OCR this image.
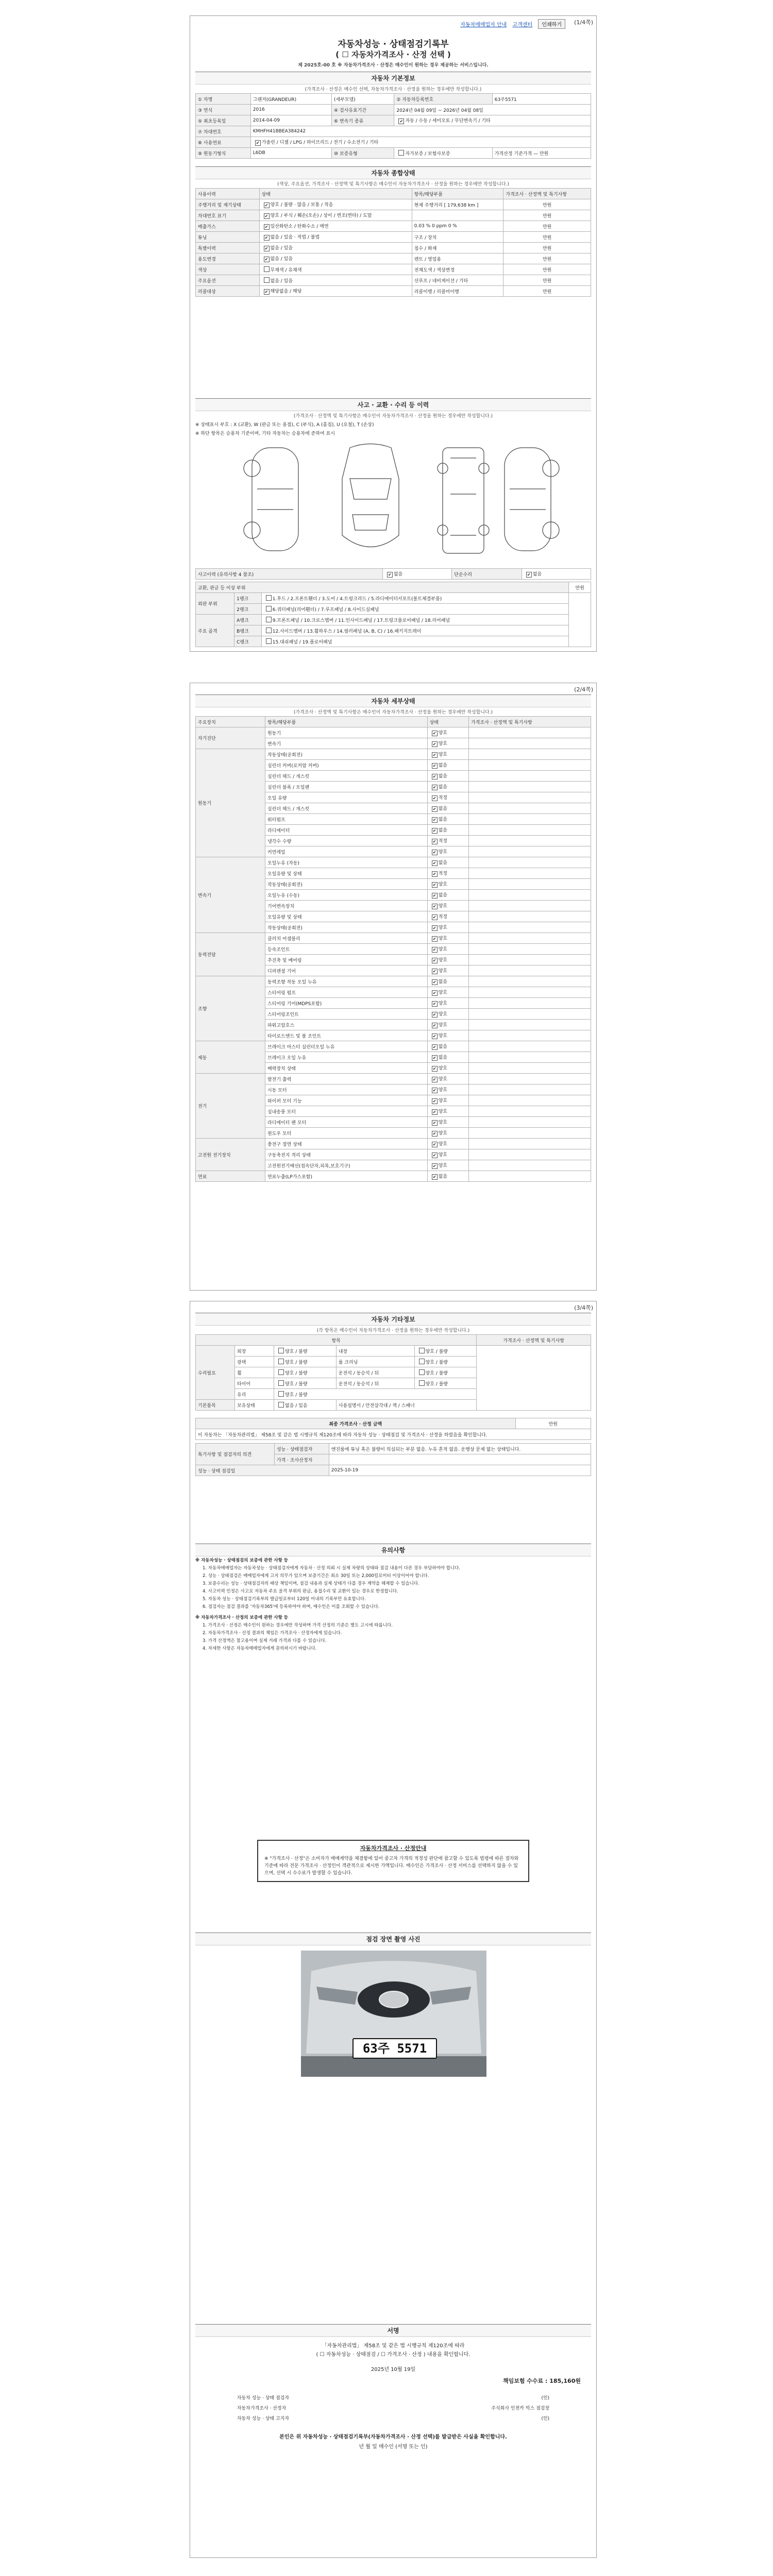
자동차매매업자 안내 고객센터 인쇄하기	(1/4쪽)
자동차성능 · 상태점검기록부
( ☐ 자동차가격조사 · 산정 선택 )
제 2025호-00 호 ※ 자동차가격조사 · 산정은 매수인이 원하는 경우 제공하는 서비스입니다.
자동차 기본정보
(가격조사 · 산정은 매수인 선택, 자동차가격조사 · 산정을 원하는 경우에만 작성합니다.)
① 차명	그랜저(GRANDEUR)	(세부모델)	② 자동차등록번호	63주5571
③ 연식	2016	④ 검사유효기간	2024년 04월 09일 ~ 2026년 04월 08일	
⑤ 최초등록일	2014-04-09	⑥ 변속기 종류	✔자동 / 수동 / 세미오토 / 무단변속기 / 기타
⑦ 차대번호	KMHFH41BBEA384242			
⑧ 사용연료	✔가솔린 / 디젤 / LPG / 하이브리드 / 전기 / 수소전기 / 기타
⑨ 원동기형식	L6DB	⑩ 보증유형	자가보증 / 보험사보증	가격산정 기준가격 — 만원
자동차 종합상태
(색상, 주요옵션, 가격조사 · 산정액 및 특기사항은 매수인이 자동차가격조사 · 산정을 원하는 경우에만 작성합니다.)
사용이력	상태	항목/해당부품	가격조사 · 산정액 및 특기사항
주행거리 및 계기상태	✔양호 / 불량 · 많음 / 보통 / 적음	현재 주행거리 [ 179,638 km ]	만원
차대번호 표기	✔양호 / 부식 / 훼손(오손) / 상이 / 변조(변타) / 도말		만원
배출가스	✔일산화탄소 / 탄화수소 / 매연	0.03 % 0 ppm 0 %	만원
튜닝	✔없음 / 있음 · 적법 / 불법	구조 / 장치	만원
특별이력	✔없음 / 있음	침수 / 화재	만원
용도변경	✔없음 / 있음	렌트 / 영업용	만원
색상	무채색 / 유채색	전체도색 / 색상변경	만원
주요옵션	없음 / 있음	선루프 / 네비게이션 / 기타	만원
리콜대상	✔해당없음 / 해당	리콜이행 / 리콜미이행	만원
사고 · 교환 · 수리 등 이력
(가격조사 · 산정액 및 특기사항은 매수인이 자동차가격조사 · 산정을 원하는 경우에만 작성합니다.)
※ 상태표시 부호 : X (교환), W (판금 또는 용접), C (부식), A (흠집), U (요철), T (손상)
※ 하단 항목은 승용차 기준이며, 기타 자동차는 승용차에 준하여 표시
사고이력 (유의사항 4 참조)	✔없음	단순수리	✔없음
교환, 판금 등 이상 부위			만원
외판 부위	1랭크	1.후드 / 2.프론트휀더 / 3.도어 / 4.트렁크리드 / 5.라디에이터서포트(볼트체결부품)	
	2랭크	6.쿼터패널(리어휀더) / 7.루프패널 / 8.사이드실패널	
주요 골격	A랭크	9.프론트패널 / 10.크로스멤버 / 11.인사이드패널 / 17.트렁크플로어패널 / 18.리어패널	
	B랭크	12.사이드멤버 / 13.휠하우스 / 14.필러패널 (A, B, C) / 16.패키지트레이	
	C랭크	15.대쉬패널 / 19.플로어패널	
(2/4쪽)
자동차 세부상태
(가격조사 · 산정액 및 특기사항은 매수인이 자동차가격조사 · 산정을 원하는 경우에만 작성합니다.)
주요장치	항목/해당부품	상태	가격조사 · 산정액 및 특기사항
자기진단	원동기	✔양호	
	변속기	✔양호	
원동기	작동상태(공회전)	✔양호	
	실린더 커버(로커암 커버)	✔없음	
	실린더 헤드 / 개스킷	✔없음	
	실린더 블록 / 오일팬	✔없음	
	오일 유량	✔적정	
	실린더 헤드 / 개스킷	✔없음	
	워터펌프	✔없음	
	라디에이터	✔없음	
	냉각수 수량	✔적정	
	커먼레일	✔양호	
변속기	오일누유 (자동)	✔없음	
	오일유량 및 상태	✔적정	
	작동상태(공회전)	✔양호	
	오일누유 (수동)	✔없음	
	기어변속장치	✔양호	
	오일유량 및 상태	✔적정	
	작동상태(공회전)	✔양호	
동력전달	클러치 어셈블리	✔양호	
	등속조인트	✔양호	
	추진축 및 베어링	✔양호	
	디퍼렌셜 기어	✔양호	
조향	동력조향 작동 오일 누유	✔없음	
	스티어링 펌프	✔양호	
	스티어링 기어(MDPS포함)	✔양호	
	스티어링조인트	✔양호	
	파워고압호스	✔양호	
	타이로드엔드 및 볼 조인트	✔양호	
제동	브레이크 마스터 실린더오일 누유	✔없음	
	브레이크 오일 누유	✔없음	
	배력장치 상태	✔양호	
전기	발전기 출력	✔양호	
	시동 모터	✔양호	
	와이퍼 모터 기능	✔양호	
	실내송풍 모터	✔양호	
	라디에이터 팬 모터	✔양호	
	윈도우 모터	✔양호	
고전원 전기장치	충전구 절연 상태	✔양호	
	구동축전지 격리 상태	✔양호	
	고전원전기배선(접속단자,피복,보호기구)	✔양호	
연료	연료누출(LP가스포함)	✔없음	
(3/4쪽)
자동차 기타정보
(각 항목은 매수인이 자동차가격조사 · 산정을 원하는 경우에만 작성합니다.)
항목					가격조사 · 산정액 및 특기사항
수리필요	외장	양호 / 불량	내장	양호 / 불량	
	광택	양호 / 불량	룸 크리닝	양호 / 불량	
	휠	양호 / 불량	운전석 / 동승석 / 뒤	양호 / 불량	
	타이어	양호 / 불량	운전석 / 동승석 / 뒤	양호 / 불량	
	유리	양호 / 불량			
기본품목	보유상태	없음 / 있음	사용설명서 / 안전삼각대 / 잭 / 스패너		
최종 가격조사 · 산정 금액	만원
이 자동차는 「자동차관리법」 제58조 및 같은 법 시행규칙 제120조에 따라 자동차 성능 · 상태점검 및 가격조사 · 산정을 하였음을 확인합니다.
특기사항 및 점검자의 의견	성능 · 상태점검자	엔진룸에 튜닝 혹은 불량이 의심되는 부분 없음. 누유 흔적 없음. 운행상 문제 없는 상태입니다.
	가격 · 조사산정자	
성능 · 상태 점검일		2025-10-19
유의사항

※ 자동차성능 · 상태점검의 보증에 관한 사항 등

1. 자동차매매업자는 자동차성능 · 상태점검자에게 자동차 · 산정 의뢰 시 실제 차량의 상태와 점검 내용이 다른 경우 부담하여야 합니다.

2. 성능 · 상태점검은 매매업자에게 고지 의무가 있으며 보증기간은 최소 30일 또는 2,000킬로미터 이상이어야 합니다.

3. 보증수리는 성능 · 상태점검자의 배상 책임이며, 점검 내용과 실제 상태가 다를 경우 계약을 해제할 수 있습니다.

4. 사고이력 인정은 사고로 자동차 주요 골격 부위의 판금, 용접수리 및 교환이 있는 경우로 한정합니다.

5. 자동차 성능 · 상태점검기록부의 발급일로부터 120일 이내의 기록부만 유효합니다.

6. 점검자는 점검 결과를 '자동차365'에 등록하여야 하며, 매수인은 이를 조회할 수 있습니다.

※ 자동차가격조사 · 산정의 보증에 관한 사항 등

1. 가격조사 · 산정은 매수인이 원하는 경우에만 작성하며 가격 산정의 기준은 별도 고시에 따릅니다.

2. 자동차가격조사 · 산정 결과의 책임은 가격조사 · 산정자에게 있습니다.

3. 가격 산정액은 참고용이며 실제 거래 가격과 다를 수 있습니다.

4. 자세한 사항은 자동차매매업자에게 문의하시기 바랍니다.

자동차가격조사 · 산정안내
※ "가격조사 · 산정"은 소비자가 매매계약을 체결함에 있어 중고차 가격의 적정성 판단에 참고할 수 있도록 법령에 따른 절차와 기준에 따라 전문 가격조사 · 산정인이 객관적으로 제시한 가액입니다. 매수인은 가격조사 · 산정 서비스를 선택하지 않을 수 있으며, 선택 시 수수료가 발생할 수 있습니다.
점검 장면 촬영 사진
63주 5571
서명

「자동차관리법」 제58조 및 같은 법 시행규칙 제120조에 따라

( ☐ 자동차성능 · 상태점검 / ☐ 가격조사 · 산정 ) 내용을 확인합니다.

2025년 10월 19일

책임보험 수수료 : 185,160원
자동차 성능 · 상태 점검자	(인)
자동차가격조사 · 산정자	주식회사 인천카 빅스 점검장
자동차 성능 · 상태 고지자	(인)

본인은 위 자동차성능 · 상태점검기록부(자동차가격조사 · 산정 선택)를 발급받은 사실을 확인합니다.

년 월 일 매수인 (서명 또는 인)
